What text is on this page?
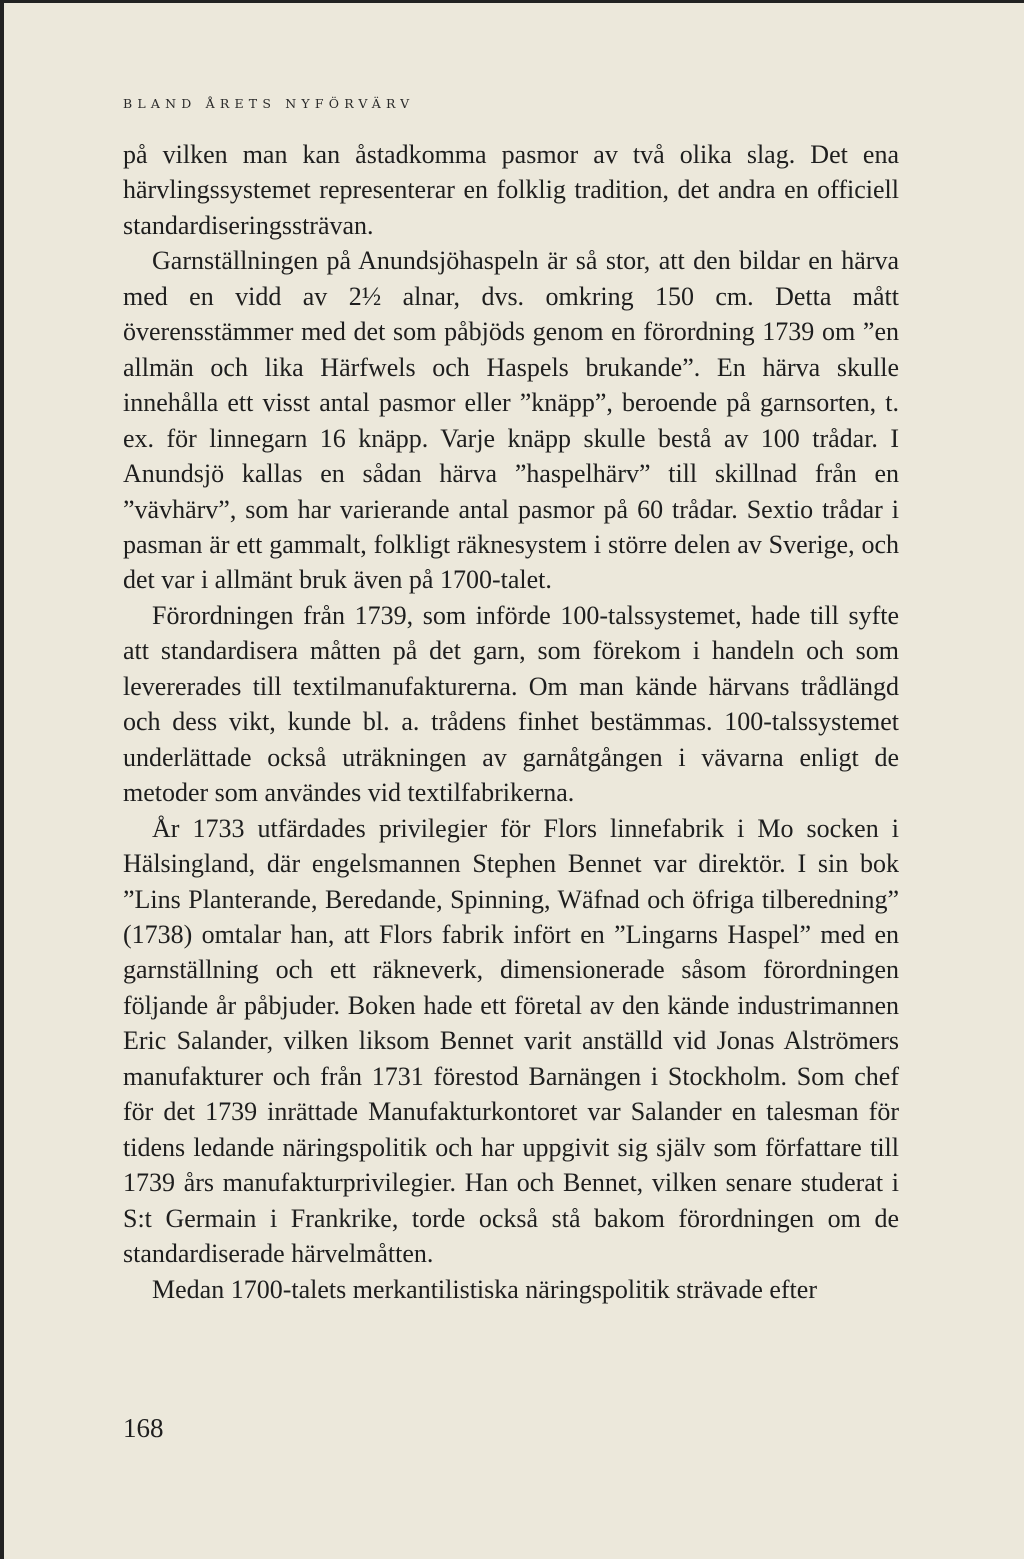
BLAND ÅRETS NYFÖRVÄRV

på vilken man kan åstadkomma pasmor av två olika slag. Det ena härvlingssystemet representerar en folklig tradition, det andra en officiell standardiseringssträvan.

Garnställningen på Anundsjöhaspeln är så stor, att den bildar en härva med en vidd av 2½ alnar, dvs. omkring 150 cm. Detta mått överensstämmer med det som påbjöds genom en förordning 1739 om ”en allmän och lika Härfwels och Haspels brukande”. En härva skulle innehålla ett visst antal pasmor eller ”knäpp”, beroende på garnsorten, t. ex. för linnegarn 16 knäpp. Varje knäpp skulle bestå av 100 trådar. I Anundsjö kallas en sådan härva ”haspelhärv” till skillnad från en ”vävhärv”, som har varierande antal pasmor på 60 trådar. Sextio trådar i pasman är ett gammalt, folkligt räknesystem i större delen av Sverige, och det var i allmänt bruk även på 1700-talet.

Förordningen från 1739, som införde 100-talssystemet, hade till syfte att standardisera måtten på det garn, som förekom i handeln och som levererades till textilmanufakturerna. Om man kände härvans trådlängd och dess vikt, kunde bl. a. trådens finhet bestämmas. 100-talssystemet underlättade också uträkningen av garnåtgången i vävarna enligt de metoder som användes vid textilfabrikerna.

År 1733 utfärdades privilegier för Flors linnefabrik i Mo socken i Hälsingland, där engelsmannen Stephen Bennet var direktör. I sin bok ”Lins Planterande, Beredande, Spinning, Wäfnad och öfriga tilberedning” (1738) omtalar han, att Flors fabrik infört en ”Lingarns Haspel” med en garnställning och ett räkneverk, dimensionerade såsom förordningen följande år påbjuder. Boken hade ett företal av den kände industrimannen Eric Salander, vilken liksom Bennet varit anställd vid Jonas Alströmers manufakturer och från 1731 förestod Barnängen i Stockholm. Som chef för det 1739 inrättade Manufakturkontoret var Salander en talesman för tidens ledande näringspolitik och har uppgivit sig själv som författare till 1739 års manufakturprivilegier. Han och Bennet, vilken senare studerat i S:t Germain i Frankrike, torde också stå bakom förordningen om de standardiserade härvelmåtten.

Medan 1700-talets merkantilistiska näringspolitik strävade efter

168
